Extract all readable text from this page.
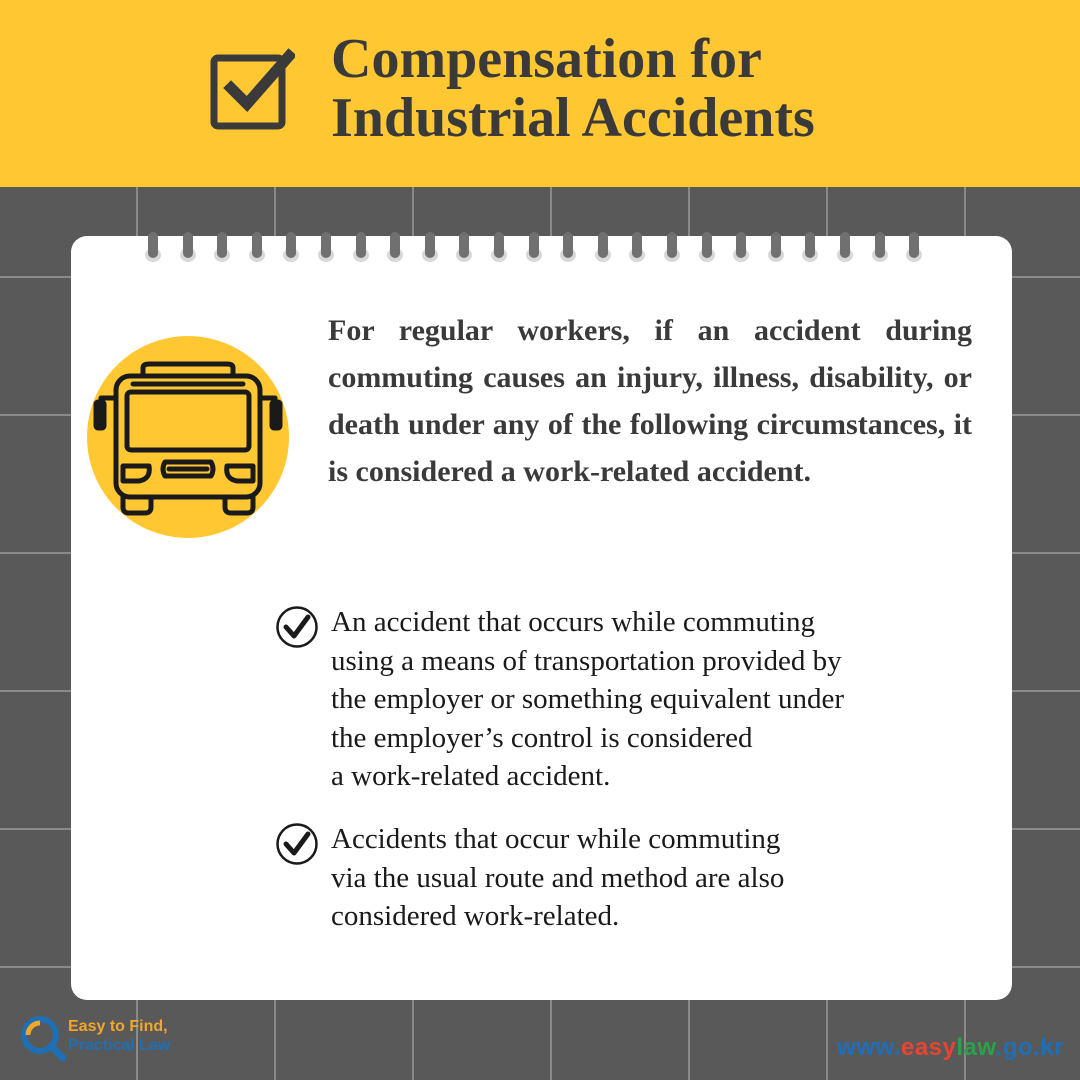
Compensation for
Industrial Accidents

For regular workers, if an accident during commuting causes an injury, illness, disability, or death under any of the following circumstances, it is considered a work-related accident.

An accident that occurs while commuting
using a means of transportation provided by
the employer or something equivalent under
the employer’s control is considered
a work-related accident.

Accidents that occur while commuting
via the usual route and method are also
considered work-related.

Easy to Find,
Practical Law	www.easylaw.go.kr
